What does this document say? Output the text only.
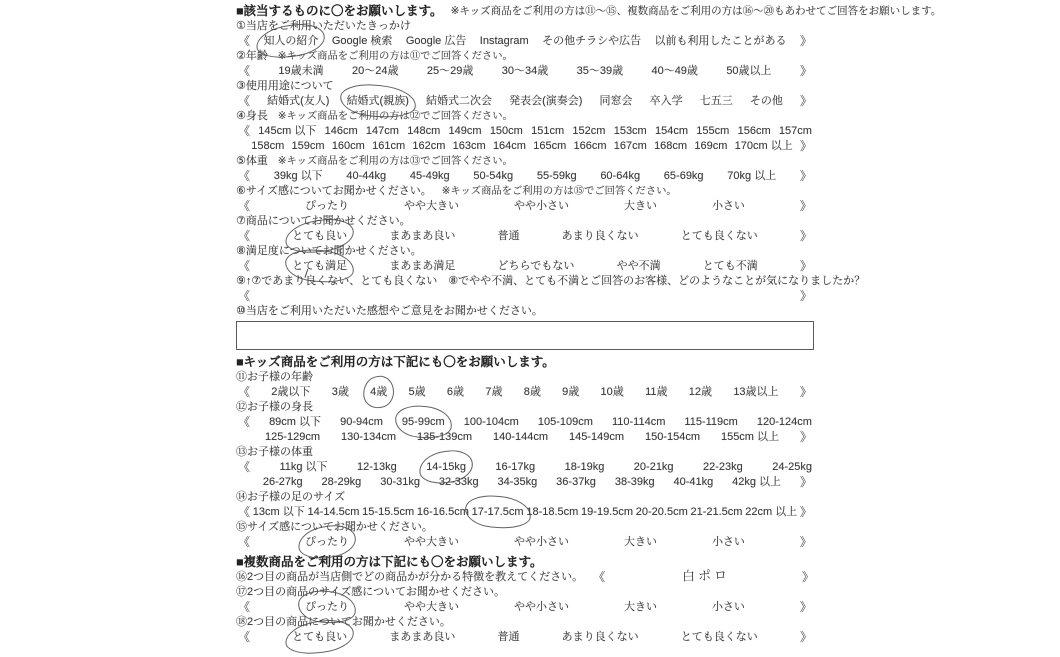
■該当するものに〇をお願いします。 ※キッズ商品をご利用の方は⑪～⑮、複数商品をご利用の方は⑯～⑳もあわせてご回答をお願いします。
①当店をご利用いただいたきっかけ
《 知人の紹介 Google 検索 Google 広告 Instagram その他チラシや広告 以前も利用したことがある 》
②年齢 ※キッズ商品をご利用の方は⑪でご回答ください。
《	19歳未満	20～24歳	25～29歳	30～34歳	35～39歳	40～49歳	50歳以上 》
③使用用途について
《 結婚式(友人) 結婚式(親族) 結婚式二次会 発表会(演奏会) 同窓会 卒入学 七五三 その他 》
④身長 ※キッズ商品をご利用の方は⑫でご回答ください。
《 145cm 以下 146cm 147cm 148cm 149cm 150cm 151cm 152cm 153cm 154cm 155cm 156cm 157cm
158cm 159cm 160cm 161cm 162cm 163cm 164cm 165cm 166cm 167cm 168cm 169cm 170cm 以上 》
⑤体重 ※キッズ商品をご利用の方は⑬でご回答ください。
《 39kg 以下 40-44kg 45-49kg 50-54kg 55-59kg 60-64kg 65-69kg 70kg 以上 》
⑥サイズ感についてお聞かせください。 ※キッズ商品をご利用の方は⑮でご回答ください。
《	ぴったり	やや大きい	やや小さい	大きい	小さい	》
⑦商品についてお聞かせください。
《	とても良い	まあまあ良い	普通	あまり良くない	とても良くない	》
⑧満足度についてお聞かせください。
《	とても満足	まあまあ満足	どちらでもない	やや不満	とても不満	》
⑨↑⑦であまり良くない、とても良くない　⑧でやや不満、とても不満とご回答のお客様、どのようなことが気になりましたか？
《	》
⑩当店をご利用いただいた感想やご意見をお聞かせください。
■キッズ商品をご利用の方は下記にも〇をお願いします。
⑪お子様の年齢
《 2歳以下 3歳 4歳 5歳 6歳 7歳 8歳 9歳 10歳 11歳 12歳 13歳以上 》
⑫お子様の身長
《 89cm 以下 90-94cm 95-99cm 100-104cm 105-109cm 110-114cm 115-119cm 120-124cm
125-129cm 130-134cm 135-139cm 140-144cm 145-149cm 150-154cm 155cm 以上 》
⑬お子様の体重
《	11kg 以下	12-13kg	14-15kg	16-17kg	18-19kg	20-21kg	22-23kg	24-25kg
26-27kg 28-29kg 30-31kg 32-33kg 34-35kg 36-37kg 38-39kg 40-41kg 42kg 以上 》
⑭お子様の足のサイズ
《 13cm 以下 14-14.5cm 15-15.5cm 16-16.5cm 17-17.5cm 18-18.5cm 19-19.5cm 20-20.5cm 21-21.5cm 22cm 以上 》
⑮サイズ感についてお聞かせください。
《	ぴったり	やや大きい	やや小さい	大きい	小さい	》
■複数商品をご利用の方は下記にも〇をお願いします。
⑯2つ目の商品が当店側でどの商品かが分かる特徴を教えてください。 《	白ポロ	》
⑰2つ目の商品のサイズ感についてお聞かせください。
《	ぴったり	やや大きい	やや小さい	大きい	小さい	》
⑱2つ目の商品についてお聞かせください。
《	とても良い	まあまあ良い	普通	あまり良くない	とても良くない	》
